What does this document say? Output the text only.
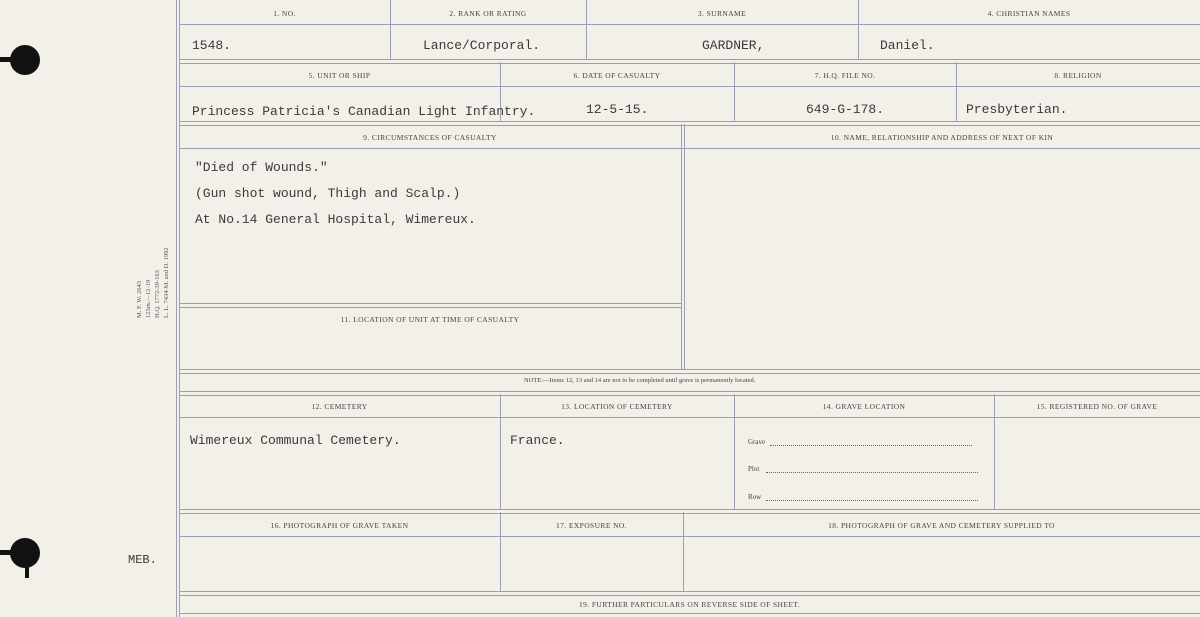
M. F. W. 2643 125m.—12-19 H.Q. 1772-39-163 L. L. 7434-M. and D. 1992
MEB.
1. NO.	2. RANK OR RATING	3. SURNAME	4. CHRISTIAN NAMES
1548.	Lance/Corporal.	GARDNER,	Daniel.
5. UNIT OR SHIP	6. DATE OF CASUALTY	7. H.Q. FILE NO.	8. RELIGION
Princess Patricia's Canadian Light Infantry.	12-5-15.	649-G-178.	Presbyterian.
9. CIRCUMSTANCES OF CASUALTY	10. NAME, RELATIONSHIP AND ADDRESS OF NEXT OF KIN
"Died of Wounds."
(Gun shot wound, Thigh and Scalp.)
At No.14 General Hospital, Wimereux.
11. LOCATION OF UNIT AT TIME OF CASUALTY
NOTE:—Items 12, 13 and 14 are not to be completed until grave is permanently located.
12. CEMETERY	13. LOCATION OF CEMETERY	14. GRAVE LOCATION	15. REGISTERED NO. OF GRAVE
Wimereux Communal Cemetery.	France.	Grave
Plot
Row
16. PHOTOGRAPH OF GRAVE TAKEN	17. EXPOSURE NO.	18. PHOTOGRAPH OF GRAVE AND CEMETERY SUPPLIED TO
19. FURTHER PARTICULARS ON REVERSE SIDE OF SHEET.
